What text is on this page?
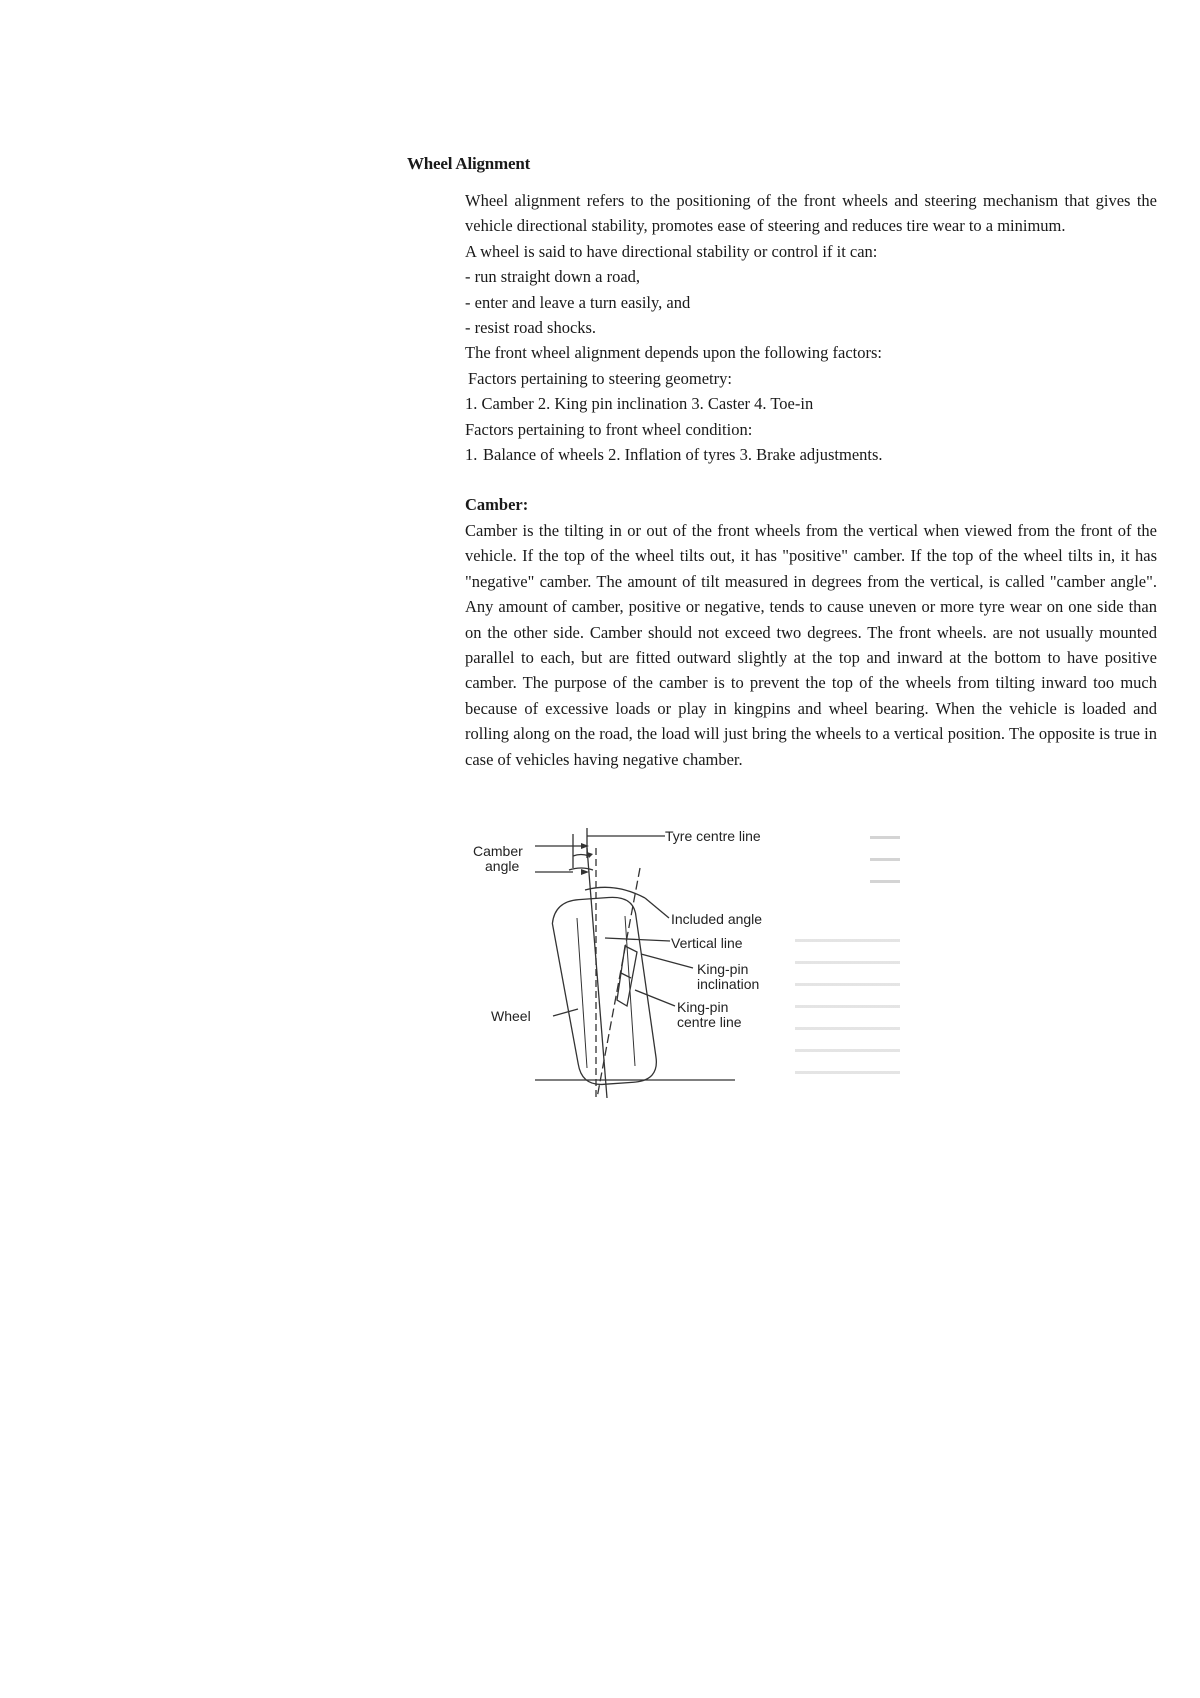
Wheel Alignment

Wheel alignment refers to the positioning of the front wheels and steering mechanism that gives the vehicle directional stability, promotes ease of steering and reduces tire wear to a minimum.

A wheel is said to have directional stability or control if it can:

- run straight down a road,

- enter and leave a turn easily, and

- resist road shocks.

The front wheel alignment depends upon the following factors:

Factors pertaining to steering geometry:

1. Camber 2. King pin inclination 3. Caster 4. Toe-in

Factors pertaining to front wheel condition:

1. Balance of wheels 2. Inflation of tyres 3. Brake adjustments.

Camber:

Camber is the tilting in or out of the front wheels from the vertical when viewed from the front of the vehicle. If the top of the wheel tilts out, it has "positive" camber. If the top of the wheel tilts in, it has "negative" camber. The amount of tilt measured in degrees from the vertical, is called "camber angle". Any amount of camber, positive or negative, tends to cause uneven or more tyre wear on one side than on the other side. Camber should not exceed two degrees. The front wheels. are not usually mounted parallel to each, but are fitted outward slightly at the top and inward at the bottom to have positive camber. The purpose of the camber is to prevent the top of the wheels from tilting inward too much because of excessive loads or play in kingpins and wheel bearing. When the vehicle is loaded and rolling along on the road, the load will just bring the wheels to a vertical position. The opposite is true in case of vehicles having negative chamber.

Camber
angle
Tyre centre line
Included angle
Vertical line
King-pin
inclination
King-pin
centre line
Wheel
